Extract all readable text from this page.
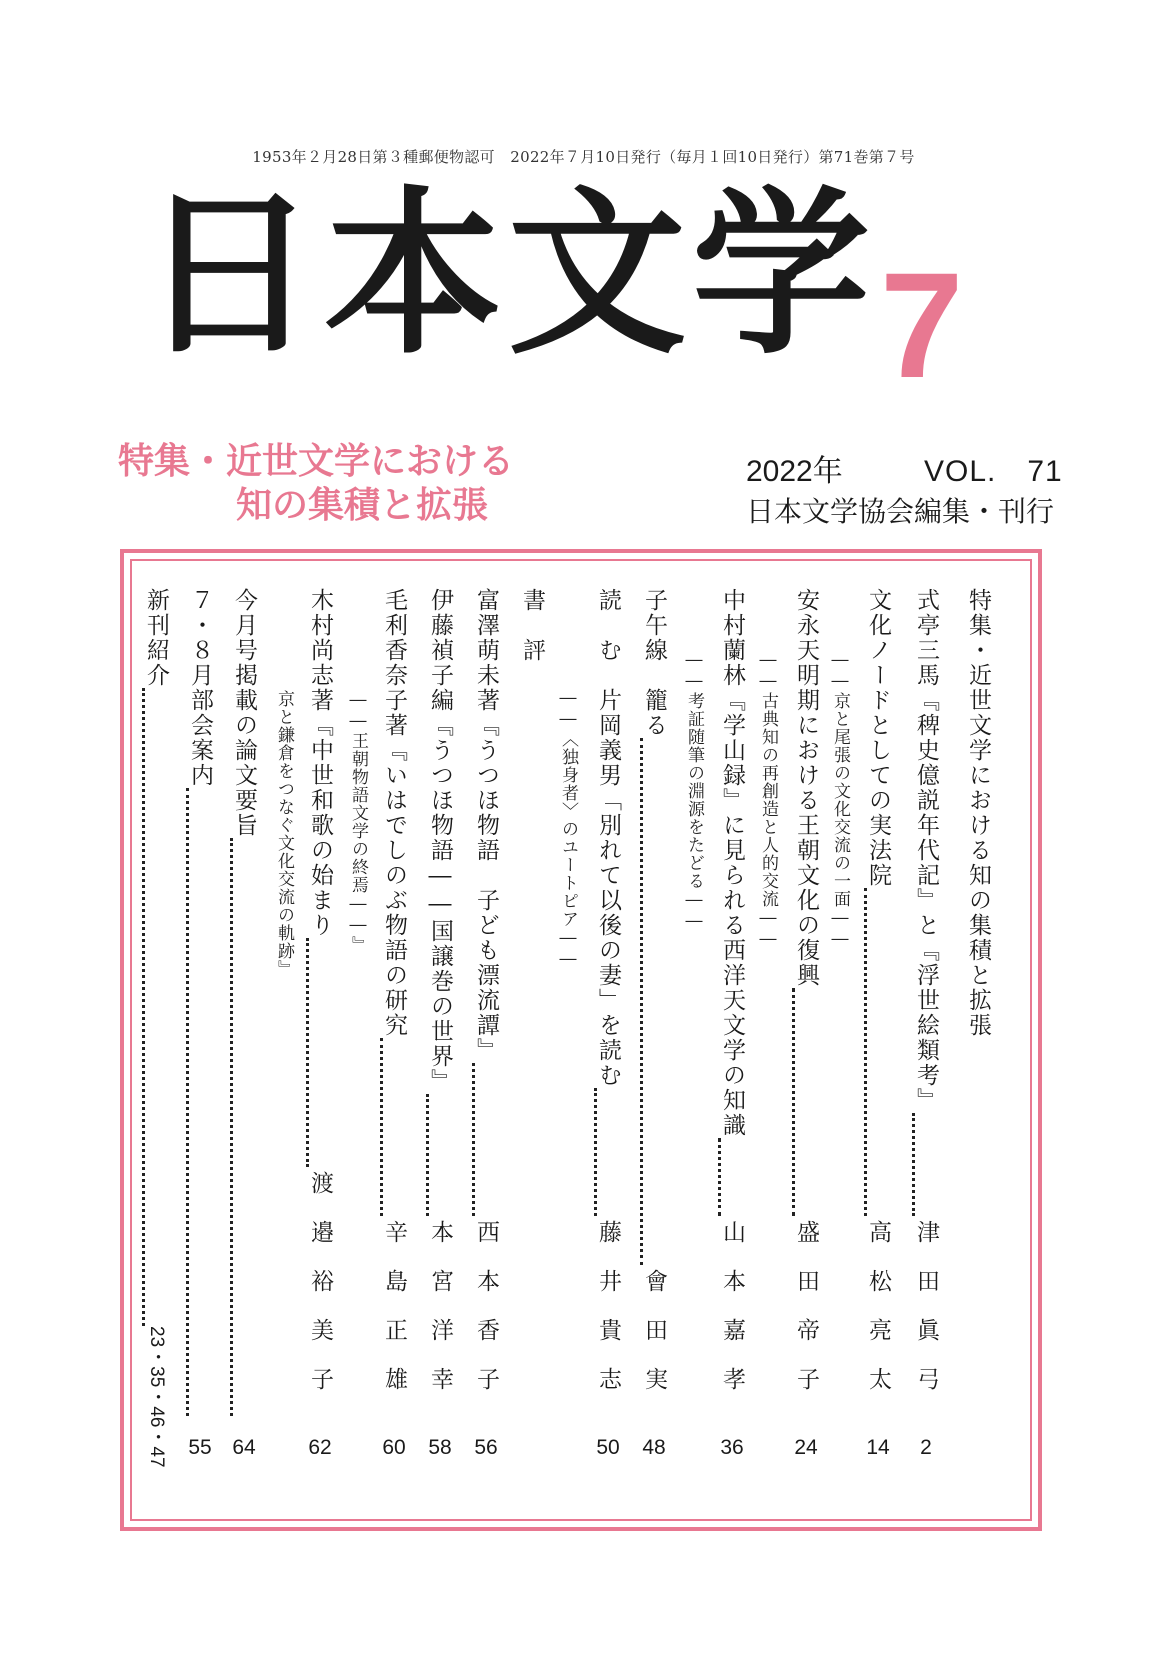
1953年２月28日第３種郵便物認可　2022年７月10日発行（毎月１回10日発行）第71巻第７号
日本文学 7
特集・近世文学における
知の集積と拡張
2022年	VOL.　71
日本文学協会編集・刊行
特集・近世文学における知の集積と拡張
式亭三馬『稗史億説年代記』と『浮世絵類考』
津田眞弓
2
文化ノードとしての実法院
高松亮太
14
――京と尾張の文化交流の一面――
安永天明期における王朝文化の復興
盛田帝子
24
――古典知の再創造と人的交流――
中村蘭林『学山録』に見られる西洋天文学の知識
山本嘉孝
36
――考証随筆の淵源をたどる――
子午線　籠る
會田実
48
読　む　片岡義男「別れて以後の妻」を読む
藤井貴志
50
――〈独身者〉のユートピア――
書　評
富澤萌未著『うつほ物語　子ども漂流譚』
西本香子
56
伊藤禎子編『うつほ物語――国譲巻の世界』
本宮洋幸
58
毛利香奈子著『いはでしのぶ物語の研究
辛島正雄
60
――王朝物語文学の終焉――』
木村尚志著『中世和歌の始まり
渡邉裕美子
62
京と鎌倉をつなぐ文化交流の軌跡』
今月号掲載の論文要旨
64
７・８月部会案内
55
新刊紹介
23・35・46・47
